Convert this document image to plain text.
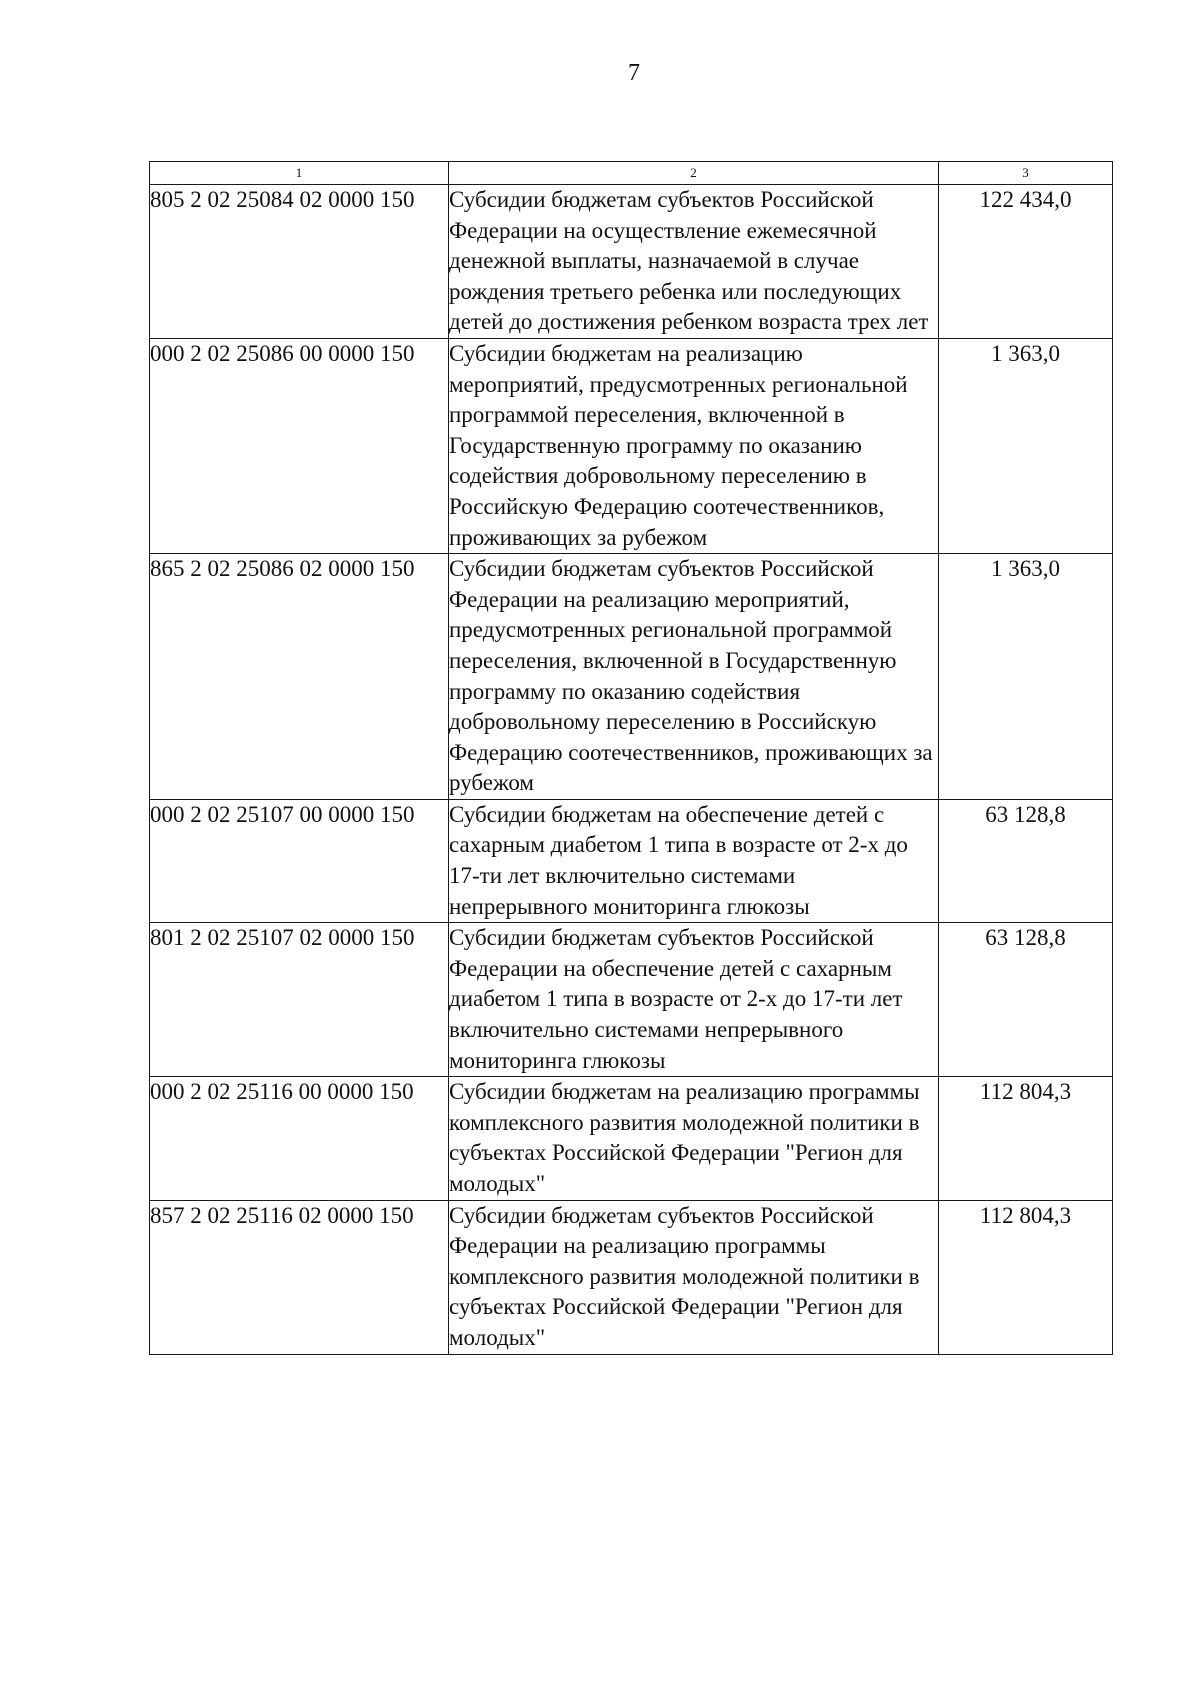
7
1	2	3
805 2 02 25084 02 0000 150	Субсидии бюджетам субъектов Российской Федерации на осуществление ежемесячной денежной выплаты, назначаемой в случае рождения третьего ребенка или последующих детей до достижения ребенком возраста трех лет	122 434,0
000 2 02 25086 00 0000 150	Субсидии бюджетам на реализацию мероприятий, предусмотренных региональной программой переселения, включенной в Государственную программу по оказанию содействия добровольному переселению в Российскую Федерацию соотечественников, проживающих за рубежом	1 363,0
865 2 02 25086 02 0000 150	Субсидии бюджетам субъектов Российской Федерации на реализацию мероприятий, предусмотренных региональной программой переселения, включенной в Государственную программу по оказанию содействия добровольному переселению в Российскую Федерацию соотечественников, проживающих за рубежом	1 363,0
000 2 02 25107 00 0000 150	Субсидии бюджетам на обеспечение детей с сахарным диабетом 1 типа в возрасте от 2-х до 17-ти лет включительно системами непрерывного мониторинга глюкозы	63 128,8
801 2 02 25107 02 0000 150	Субсидии бюджетам субъектов Российской Федерации на обеспечение детей с сахарным диабетом 1 типа в возрасте от 2-х до 17-ти лет включительно системами непрерывного мониторинга глюкозы	63 128,8
000 2 02 25116 00 0000 150	Субсидии бюджетам на реализацию программы комплексного развития молодежной политики в субъектах Российской Федерации "Регион для молодых"	112 804,3
857 2 02 25116 02 0000 150	Субсидии бюджетам субъектов Российской Федерации на реализацию программы комплексного развития молодежной политики в субъектах Российской Федерации "Регион для молодых"	112 804,3
